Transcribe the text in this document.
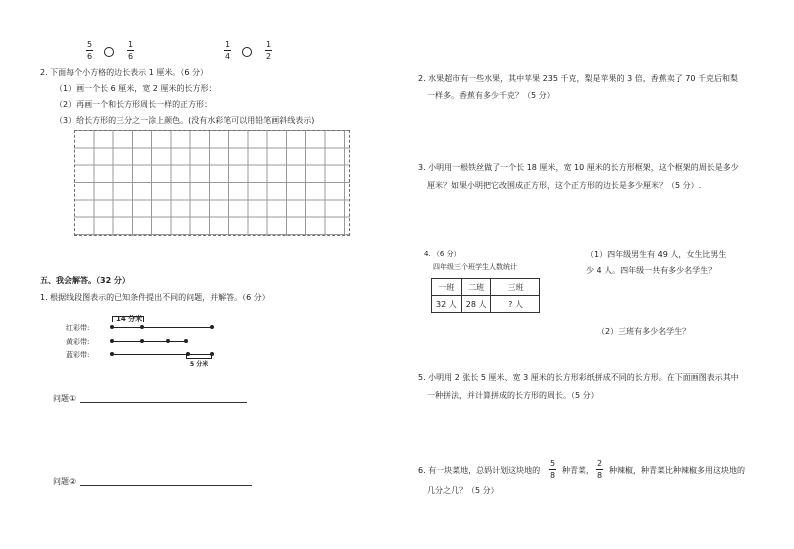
5
6
1
6
1
4
1
2
2. 下面每个小方格的边长表示 1 厘米。（6 分）
（1）画一个长 6 厘米，宽 2 厘米的长方形：
（2）再画一个和长方形周长一样的正方形：
（3）给长方形的三分之一涂上颜色。(没有水彩笔可以用铅笔画斜线表示)
五、我会解答。（32 分）
1. 根据线段图表示的已知条件提出不同的问题，并解答。（6 分）
14 分米
红彩带:
黄彩带:
蓝彩带:
5 分米
问题①
问题②
2. 水果超市有一些水果，其中苹果 235 千克，梨是苹果的 3 倍，香蕉卖了 70 千克后和梨
一样多。香蕉有多少千克？（5 分）
3. 小明用一根铁丝做了一个长 18 厘米，宽 10 厘米的长方形框架，这个框架的周长是多少
厘米？如果小明把它改围成正方形，这个正方形的边长是多少厘米？（5 分）.
4. （6 分）
四年级三个班学生人数统计
一班	二班	三班
32 人	28 人	? 人
（1）四年级男生有 49 人，女生比男生
少 4 人。四年级一共有多少名学生？
（2）三班有多少名学生？
5. 小明用 2 张长 5 厘米、宽 3 厘米的长方形彩纸拼成不同的长方形。在下面画图表示其中
一种拼法，并计算拼成的长方形的周长。（5 分）
6. 有一块菜地，总妈计划这块地的
5
8
种青菜，
2
8
种辣椒，种青菜比种辣椒多用这块地的
几分之几？（5 分）
